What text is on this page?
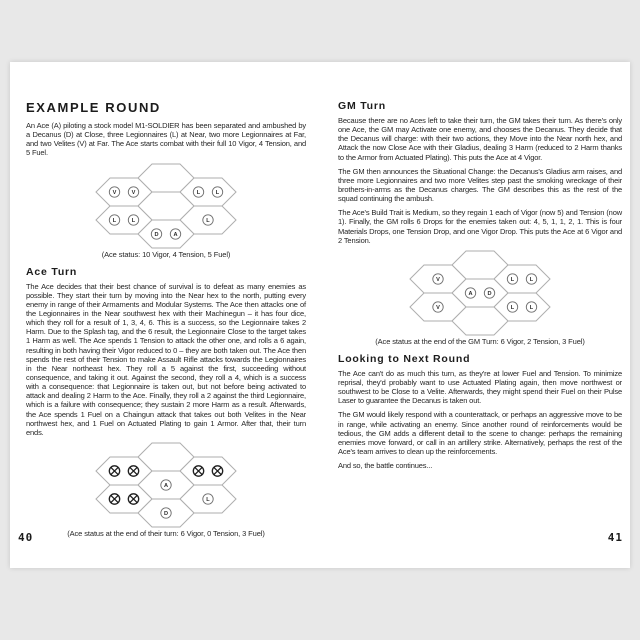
EXAMPLE ROUND

An Ace (A) piloting a stock model M1-SOLDIER has been separated and ambushed by a Decanus (D) at Close, three Legionnaires (L) at Near, two more Legionnaires at Far, and two Velites (V) at Far. The Ace starts combat with their full 10 Vigor, 4 Tension, and 5 Fuel.

V	V	L	L
L	L	L
D	A
(Ace status: 10 Vigor, 4 Tension, 5 Fuel)
Ace Turn

The Ace decides that their best chance of survival is to defeat as many enemies as possible. They start their turn by moving into the Near hex to the north, putting every enemy in range of their Armaments and Modular Systems. The Ace then attacks one of the Legionnaires in the Near southwest hex with their Machinegun – it has four dice, which they roll for a result of 1, 3, 4, 6. This is a success, so the Legionnaire takes 2 Harm. Due to the Splash tag, and the 6 result, the Legionnaire Close to the target takes 1 Harm as well. The Ace spends 1 Tension to attack the other one, and rolls a 6 again, resulting in both having their Vigor reduced to 0 – they are both taken out. The Ace then spends the rest of their Tension to make Assault Rifle attacks towards the Legionnaires in the Near northeast hex. They roll a 5 against the first, succeeding without consequence, and taking it out. Against the second, they roll a 4, which is a success with a consequence: that Legionnaire is taken out, but not before being activated to attack and dealing 2 Harm to the Ace. Finally, they roll a 2 against the third Legionnaire, which is a failure with consequence; they sustain 2 more Harm as a result. Afterwards, the Ace spends 1 Fuel on a Chaingun attack that takes out both Velites in the Near northwest hex, and 1 Fuel on Actuated Plating to gain 1 Armor. After that, their turn ends.

A
L
D
(Ace status at the end of their turn: 6 Vigor, 0 Tension, 3 Fuel)
40
GM Turn

Because there are no Aces left to take their turn, the GM takes their turn. As there's only one Ace, the GM may Activate one enemy, and chooses the Decanus. They decide that the Decanus will charge: with their two actions, they Move into the Near north hex, and Attack the now Close Ace with their Gladius, dealing 3 Harm (reduced to 2 Harm thanks to the Armor from Actuated Plating). This puts the Ace at 4 Vigor.

The GM then announces the Situational Change: the Decanus's Gladius arm raises, and three more Legionnaires and two more Velites step past the smoking wreckage of their brothers-in-arms as the Decanus charges. The GM describes this as the rest of the squad continuing the ambush.

The Ace's Build Trait is Medium, so they regain 1 each of Vigor (now 5) and Tension (now 1). Finally, the GM rolls 6 Drops for the enemies taken out: 4, 5, 1, 1, 2, 1. This is four Materials Drops, one Tension Drop, and one Vigor Drop. This puts the Ace at 6 Vigor and 2 Tension.

V	L	L
A	D
V	L	L
(Ace status at the end of the GM Turn: 6 Vigor, 2 Tension, 3 Fuel)
Looking to Next Round

The Ace can't do as much this turn, as they're at lower Fuel and Tension. To minimize reprisal, they'd probably want to use Actuated Plating again, then move northwest or southwest to be Close to a Velite. Afterwards, they might spend their Fuel on their Pulse Laser to guarantee the Decanus is taken out.

The GM would likely respond with a counterattack, or perhaps an aggressive move to be in range, while activating an enemy. Since another round of reinforcements would be tedious, the GM adds a different detail to the scene to change: perhaps the remaining enemies move forward, or call in an artillery strike. Alternatively, perhaps the rest of the Ace's team arrives to clean up the reinforcements.

And so, the battle continues...

41
